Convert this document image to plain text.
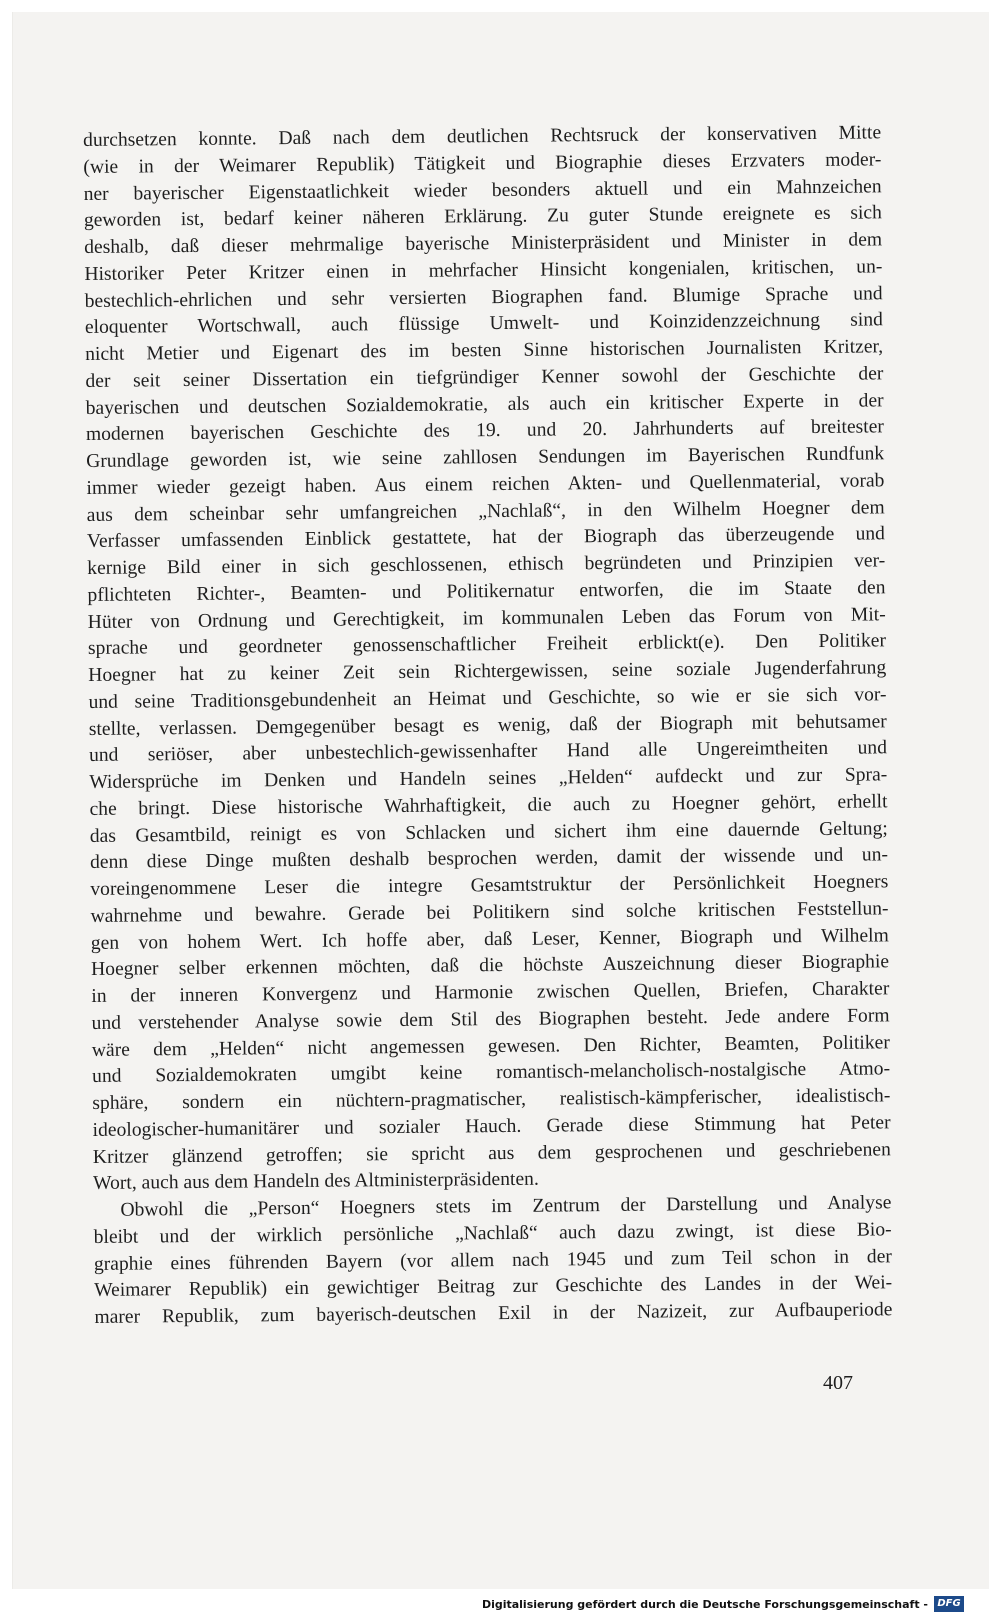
durchsetzen konnte. Daß nach dem deutlichen Rechtsruck der konservativen Mitte
(wie in der Weimarer Republik) Tätigkeit und Biographie dieses Erzvaters moder-
ner bayerischer Eigenstaatlichkeit wieder besonders aktuell und ein Mahnzeichen
geworden ist, bedarf keiner näheren Erklärung. Zu guter Stunde ereignete es sich
deshalb, daß dieser mehrmalige bayerische Ministerpräsident und Minister in dem
Historiker Peter Kritzer einen in mehrfacher Hinsicht kongenialen, kritischen, un-
bestechlich-ehrlichen und sehr versierten Biographen fand. Blumige Sprache und
eloquenter Wortschwall, auch flüssige Umwelt- und Koinzidenzzeichnung sind
nicht Metier und Eigenart des im besten Sinne historischen Journalisten Kritzer,
der seit seiner Dissertation ein tiefgründiger Kenner sowohl der Geschichte der
bayerischen und deutschen Sozialdemokratie, als auch ein kritischer Experte in der
modernen bayerischen Geschichte des 19. und 20. Jahrhunderts auf breitester
Grundlage geworden ist, wie seine zahllosen Sendungen im Bayerischen Rundfunk
immer wieder gezeigt haben. Aus einem reichen Akten- und Quellenmaterial, vorab
aus dem scheinbar sehr umfangreichen „Nachlaß“, in den Wilhelm Hoegner dem
Verfasser umfassenden Einblick gestattete, hat der Biograph das überzeugende und
kernige Bild einer in sich geschlossenen, ethisch begründeten und Prinzipien ver-
pflichteten Richter-, Beamten- und Politikernatur entworfen, die im Staate den
Hüter von Ordnung und Gerechtigkeit, im kommunalen Leben das Forum von Mit-
sprache und geordneter genossenschaftlicher Freiheit erblickt(e). Den Politiker
Hoegner hat zu keiner Zeit sein Richtergewissen, seine soziale Jugenderfahrung
und seine Traditionsgebundenheit an Heimat und Geschichte, so wie er sie sich vor-
stellte, verlassen. Demgegenüber besagt es wenig, daß der Biograph mit behutsamer
und seriöser, aber unbestechlich-gewissenhafter Hand alle Ungereimtheiten und
Widersprüche im Denken und Handeln seines „Helden“ aufdeckt und zur Spra-
che bringt. Diese historische Wahrhaftigkeit, die auch zu Hoegner gehört, erhellt
das Gesamtbild, reinigt es von Schlacken und sichert ihm eine dauernde Geltung;
denn diese Dinge mußten deshalb besprochen werden, damit der wissende und un-
voreingenommene Leser die integre Gesamtstruktur der Persönlichkeit Hoegners
wahrnehme und bewahre. Gerade bei Politikern sind solche kritischen Feststellun-
gen von hohem Wert. Ich hoffe aber, daß Leser, Kenner, Biograph und Wilhelm
Hoegner selber erkennen möchten, daß die höchste Auszeichnung dieser Biographie
in der inneren Konvergenz und Harmonie zwischen Quellen, Briefen, Charakter
und verstehender Analyse sowie dem Stil des Biographen besteht. Jede andere Form
wäre dem „Helden“ nicht angemessen gewesen. Den Richter, Beamten, Politiker
und Sozialdemokraten umgibt keine romantisch-melancholisch-nostalgische Atmo-
sphäre, sondern ein nüchtern-pragmatischer, realistisch-kämpferischer, idealistisch-
ideologischer-humanitärer und sozialer Hauch. Gerade diese Stimmung hat Peter
Kritzer glänzend getroffen; sie spricht aus dem gesprochenen und geschriebenen
Wort, auch aus dem Handeln des Altministerpräsidenten.
Obwohl die „Person“ Hoegners stets im Zentrum der Darstellung und Analyse
bleibt und der wirklich persönliche „Nachlaß“ auch dazu zwingt, ist diese Bio-
graphie eines führenden Bayern (vor allem nach 1945 und zum Teil schon in der
Weimarer Republik) ein gewichtiger Beitrag zur Geschichte des Landes in der Wei-
marer Republik, zum bayerisch-deutschen Exil in der Nazizeit, zur Aufbauperiode
407
Digitalisierung gefördert durch die Deutsche Forschungsgemeinschaft - DFG
